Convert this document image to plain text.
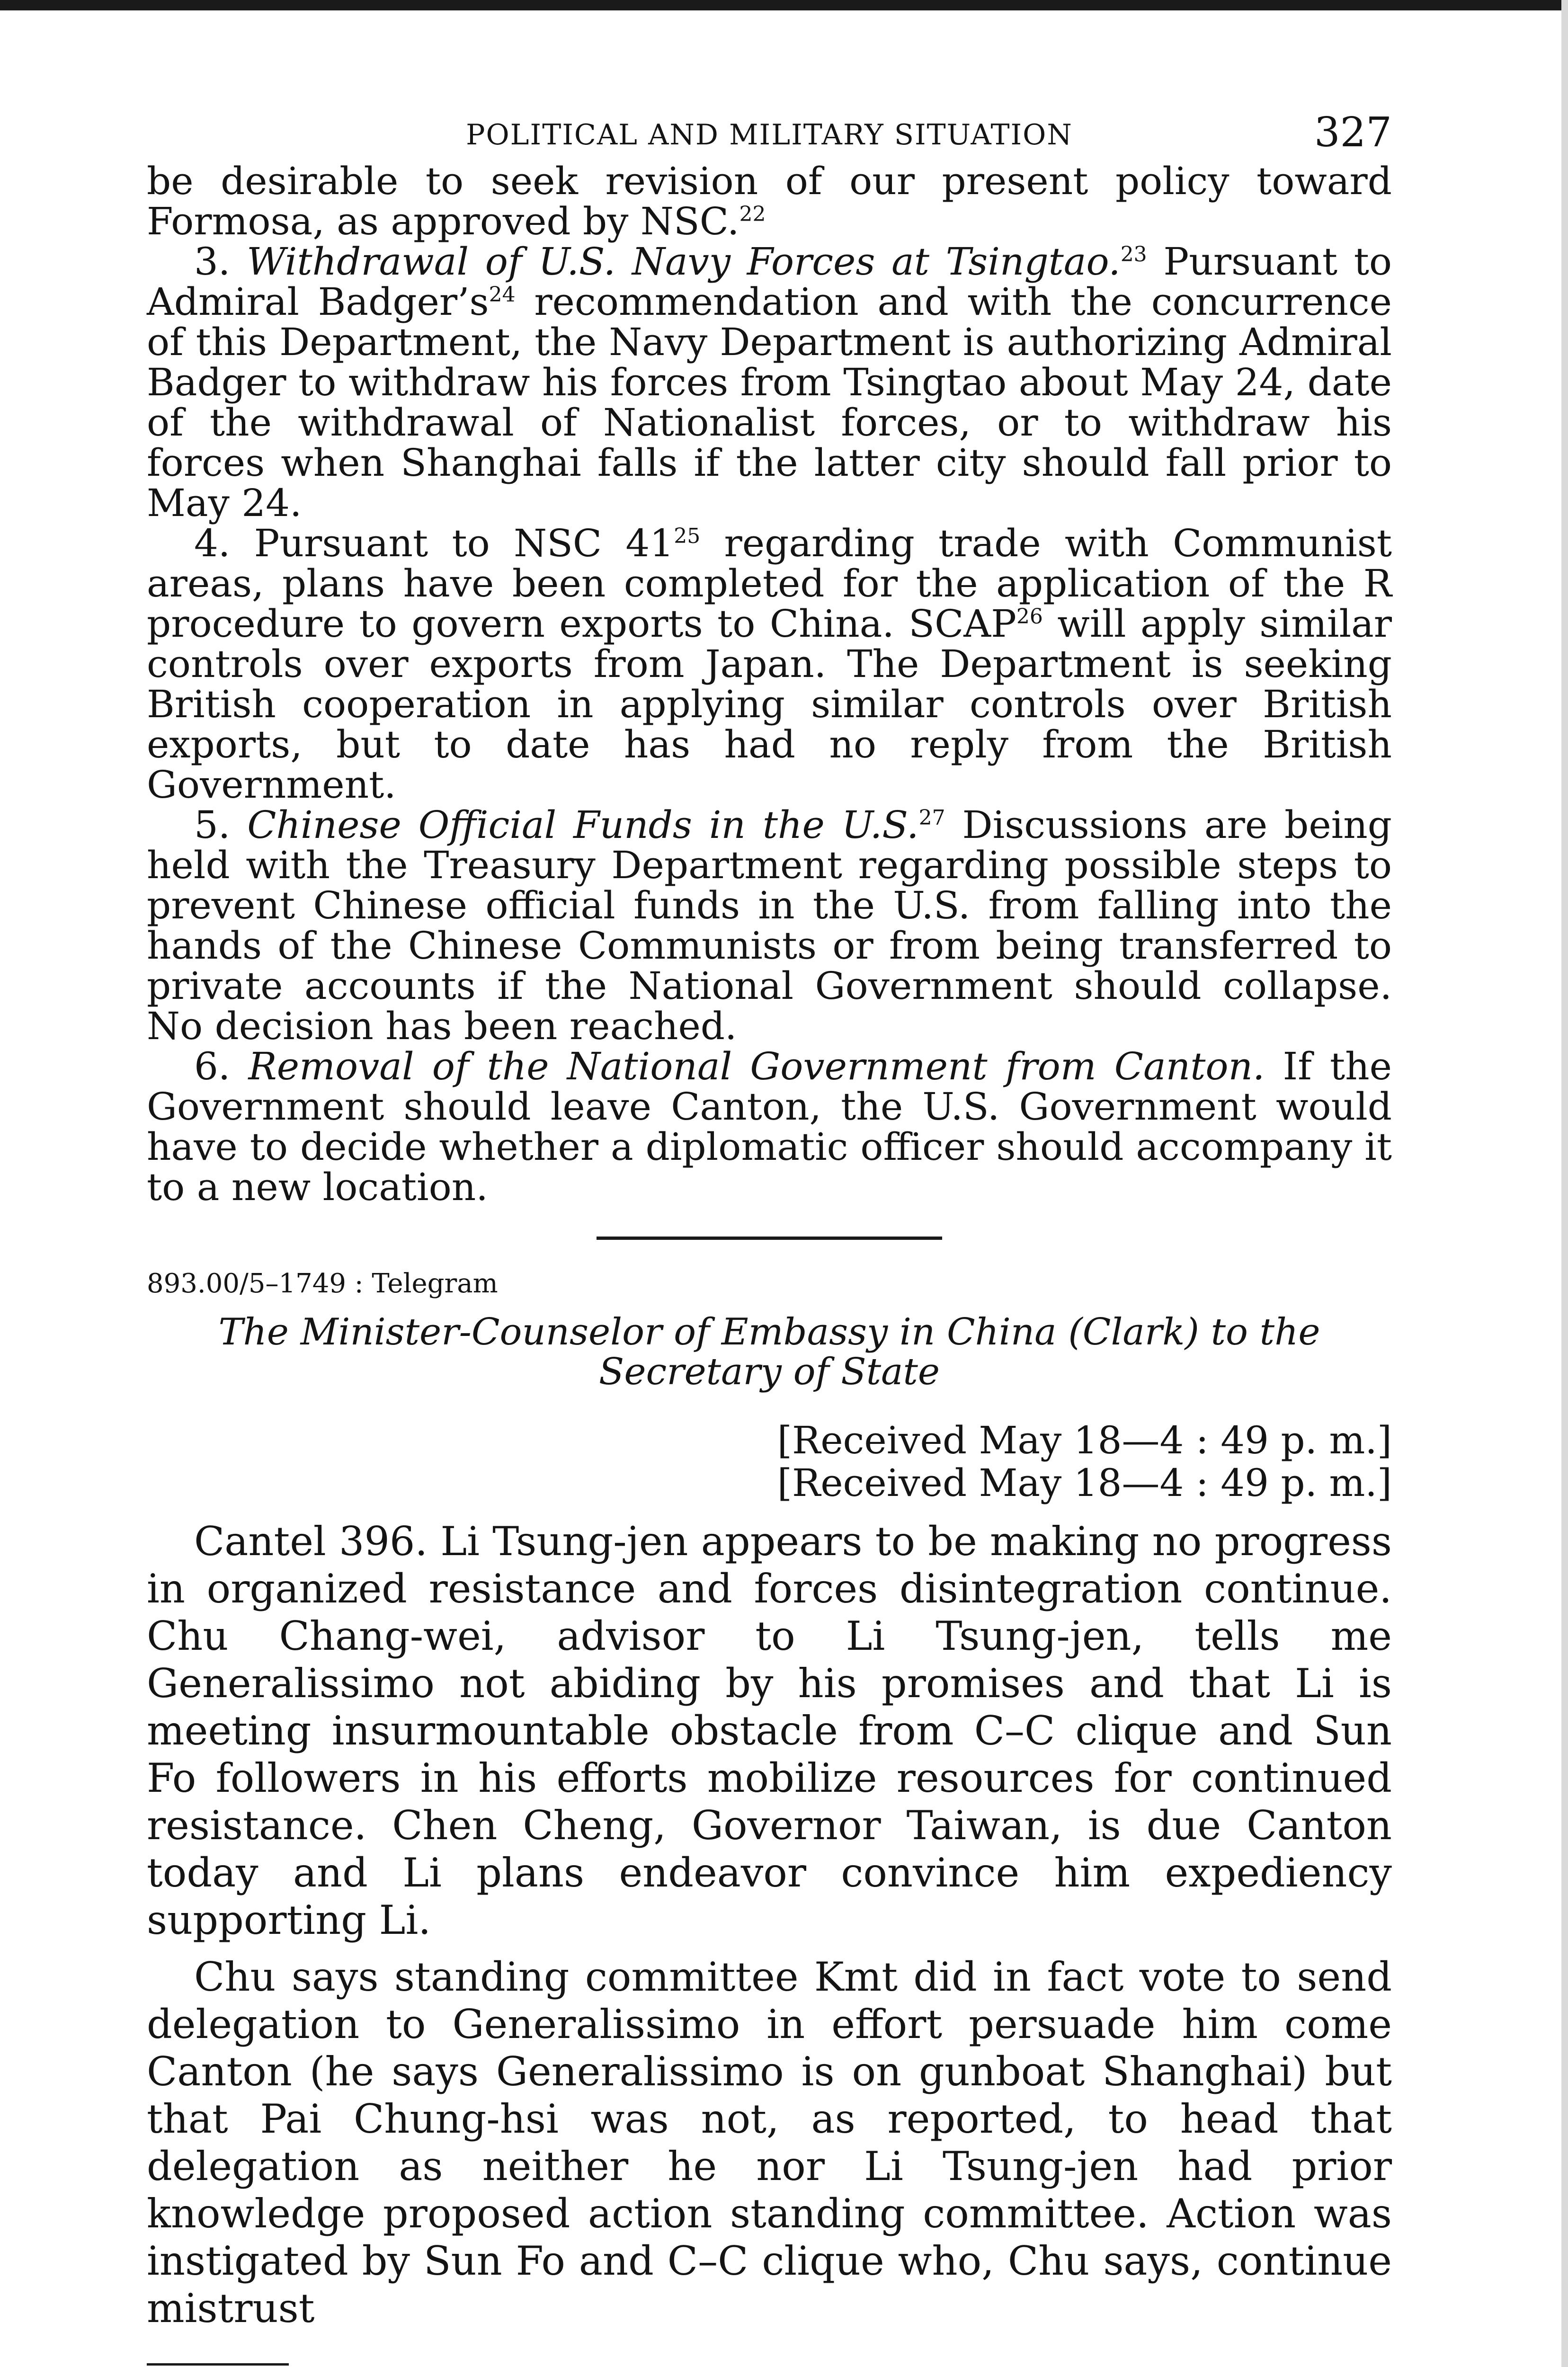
POLITICAL AND MILITARY SITUATION	327

be desirable to seek revision of our present policy toward Formosa, as approved by NSC.$^{22}$

3. Withdrawal of U.S. Navy Forces at Tsingtao.$^{23}$ Pursuant to Admiral $Badger’s^{24}$ recommendation and with the concurrence of this Department, the Navy Department is authorizing Admiral Badger to withdraw his forces from Tsingtao about May 24, date of the withdrawal of Nationalist forces, or to withdraw his forces when Shanghai falls if the latter city should fall prior to May 24.

4. Pursuant to NSC $41^{25}$ regarding trade with Communist areas, plans have been completed for the application of the R procedure to govern exports to China. SCAP$^{26}$ will apply similar controls over exports from Japan. The Department is seeking British cooperation in applying similar controls over British exports, but to date has had no reply from the British Government.

5. Chinese Official Funds in the U.S.$^{27}$ Discussions are being held with the Treasury Department regarding possible steps to prevent Chinese official funds in the U.S. from falling into the hands of the Chinese Communists or from being transferred to private accounts if the National Government should collapse. No decision has been reached.

6. Removal of the National Government from Canton. If the Government should leave Canton, the U.S. Government would have to decide whether a diplomatic officer should accompany it to a new location.

893.00/5–1749 : Telegram
The Minister-Counselor of Embassy in China (Clark) to the
Secretary of State
[Received May 18—4 : 49 p. m.]
[Received May 18—4 : 49 p. m.]

Cantel 396. Li Tsung-jen appears to be making no progress in organized resistance and forces disintegration continue. Chu Chang-wei, advisor to Li Tsung-jen, tells me Generalissimo not abiding by his promises and that Li is meeting insurmountable obstacle from C–C clique and Sun Fo followers in his efforts mobilize resources for continued resistance. Chen Cheng, Governor Taiwan, is due Canton today and Li plans endeavor convince him expediency supporting Li.

Chu says standing committee Kmt did in fact vote to send delegation to Generalissimo in effort persuade him come Canton (he says Generalissimo is on gunboat Shanghai) but that Pai Chung-hsi was not, as reported, to head that delegation as neither he nor Li Tsung-jen had prior knowledge proposed action standing committee. Action was instigated by Sun Fo and C–C clique who, Chu says, continue mistrust
